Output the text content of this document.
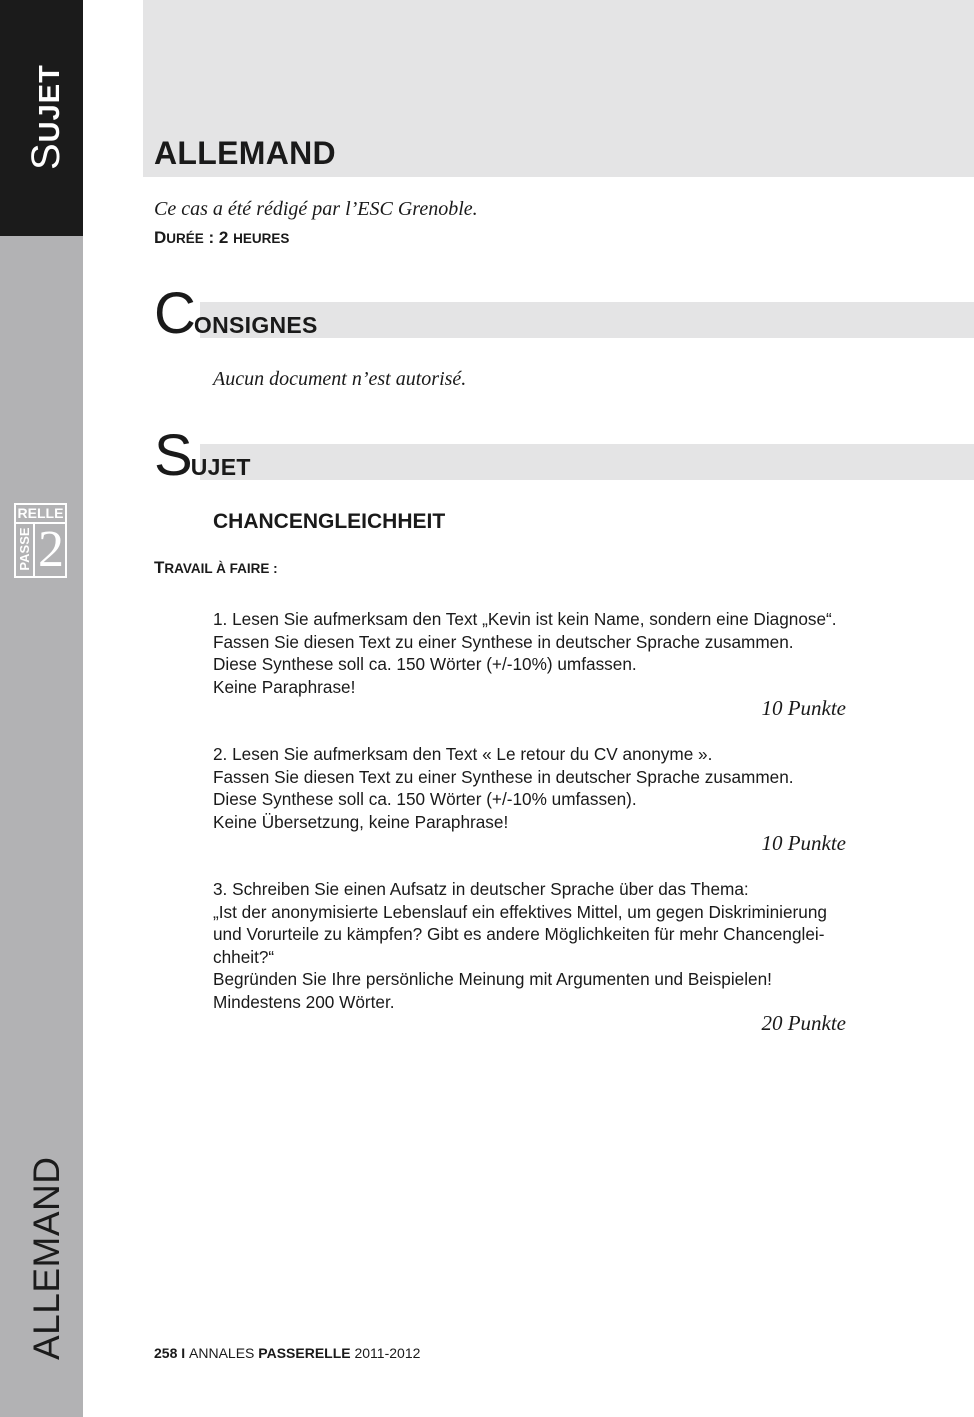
SUJET
RELLE
PASSE 2
ALLEMAND
ALLEMAND
Ce cas a été rédigé par l’ESC Grenoble.
DURÉE : 2 HEURES
CONSIGNES
Aucun document n’est autorisé.
SUJET
CHANCENGLEICHHEIT
TRAVAIL À FAIRE :

1. Lesen Sie aufmerksam den Text „Kevin ist kein Name, sondern eine Diagnose“.

Fassen Sie diesen Text zu einer Synthese in deutscher Sprache zusammen.

Diese Synthese soll ca. 150 Wörter (+/-10%) umfassen.

Keine Paraphrase!

10 Punkte

2. Lesen Sie aufmerksam den Text « Le retour du CV anonyme ».

Fassen Sie diesen Text zu einer Synthese in deutscher Sprache zusammen.

Diese Synthese soll ca. 150 Wörter (+/-10% umfassen).

Keine Übersetzung, keine Paraphrase!

10 Punkte

3. Schreiben Sie einen Aufsatz in deutscher Sprache über das Thema:

„Ist der anonymisierte Lebenslauf ein effektives Mittel, um gegen Diskriminierung

und Vorurteile zu kämpfen? Gibt es andere Möglichkeiten für mehr Chancenglei-

chheit?“

Begründen Sie Ihre persönliche Meinung mit Argumenten und Beispielen!

Mindestens 200 Wörter.

20 Punkte
258 I ANNALES PASSERELLE 2011-2012
